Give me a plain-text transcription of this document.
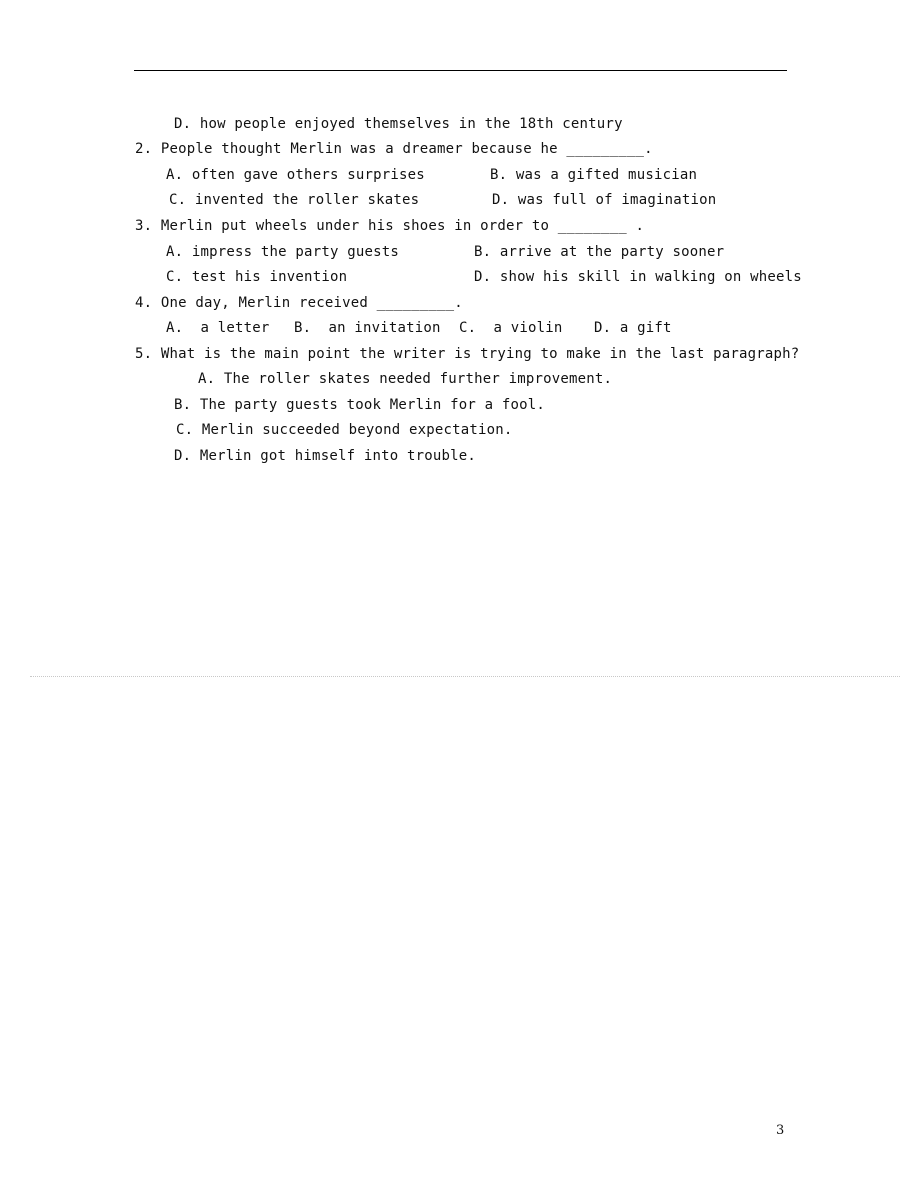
D. how people enjoyed themselves in the 18th century
2. People thought Merlin was a dreamer because he _________.
A. often gave others surprises	B. was a gifted musician
C. invented the roller skates	D. was full of imagination
3. Merlin put wheels under his shoes in order to ________ .
A. impress the party guests	B. arrive at the party sooner
C. test his invention	D. show his skill in walking on wheels
4. One day, Merlin received _________.
A.  a letter B.  an invitation C.  a violin D. a gift
5. What is the main point the writer is trying to make in the last paragraph?
A. The roller skates needed further improvement.
B. The party guests took Merlin for a fool.
C. Merlin succeeded beyond expectation.
D. Merlin got himself into trouble.
3
